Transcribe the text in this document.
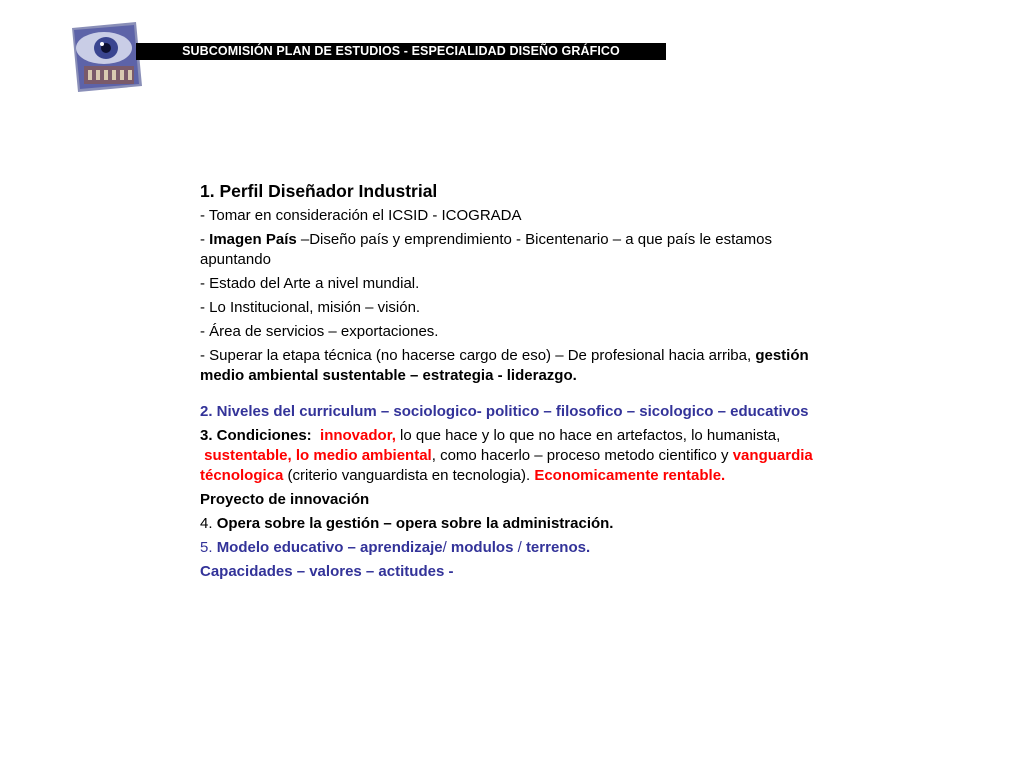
SUBCOMISIÓN PLAN DE ESTUDIOS - ESPECIALIDAD DISEÑO GRÁFICO

1. Perfil Diseñador Industrial

- Tomar en consideración el ICSID - ICOGRADA

- Imagen País –Diseño país y emprendimiento - Bicentenario – a que país le estamos apuntando

- Estado del Arte a nivel mundial.

- Lo Institucional, misión – visión.

- Área de servicios – exportaciones.

- Superar la etapa técnica (no hacerse cargo de eso) – De profesional hacia arriba, gestión medio ambiental sustentable – estrategia - liderazgo.

2. Niveles del curriculum – sociologico- politico – filosofico – sicologico – educativos

3. Condiciones: innovador, lo que hace y lo que no hace en artefactos, lo humanista,  sustentable, lo medio ambiental, como hacerlo – proceso metodo cientifico y vanguardia técnologica (criterio vanguardista en tecnologia). Economicamente rentable.

Proyecto de innovación

4. Opera sobre la gestión – opera sobre la administración.

5. Modelo educativo – aprendizaje/ modulos / terrenos.

Capacidades – valores – actitudes -
